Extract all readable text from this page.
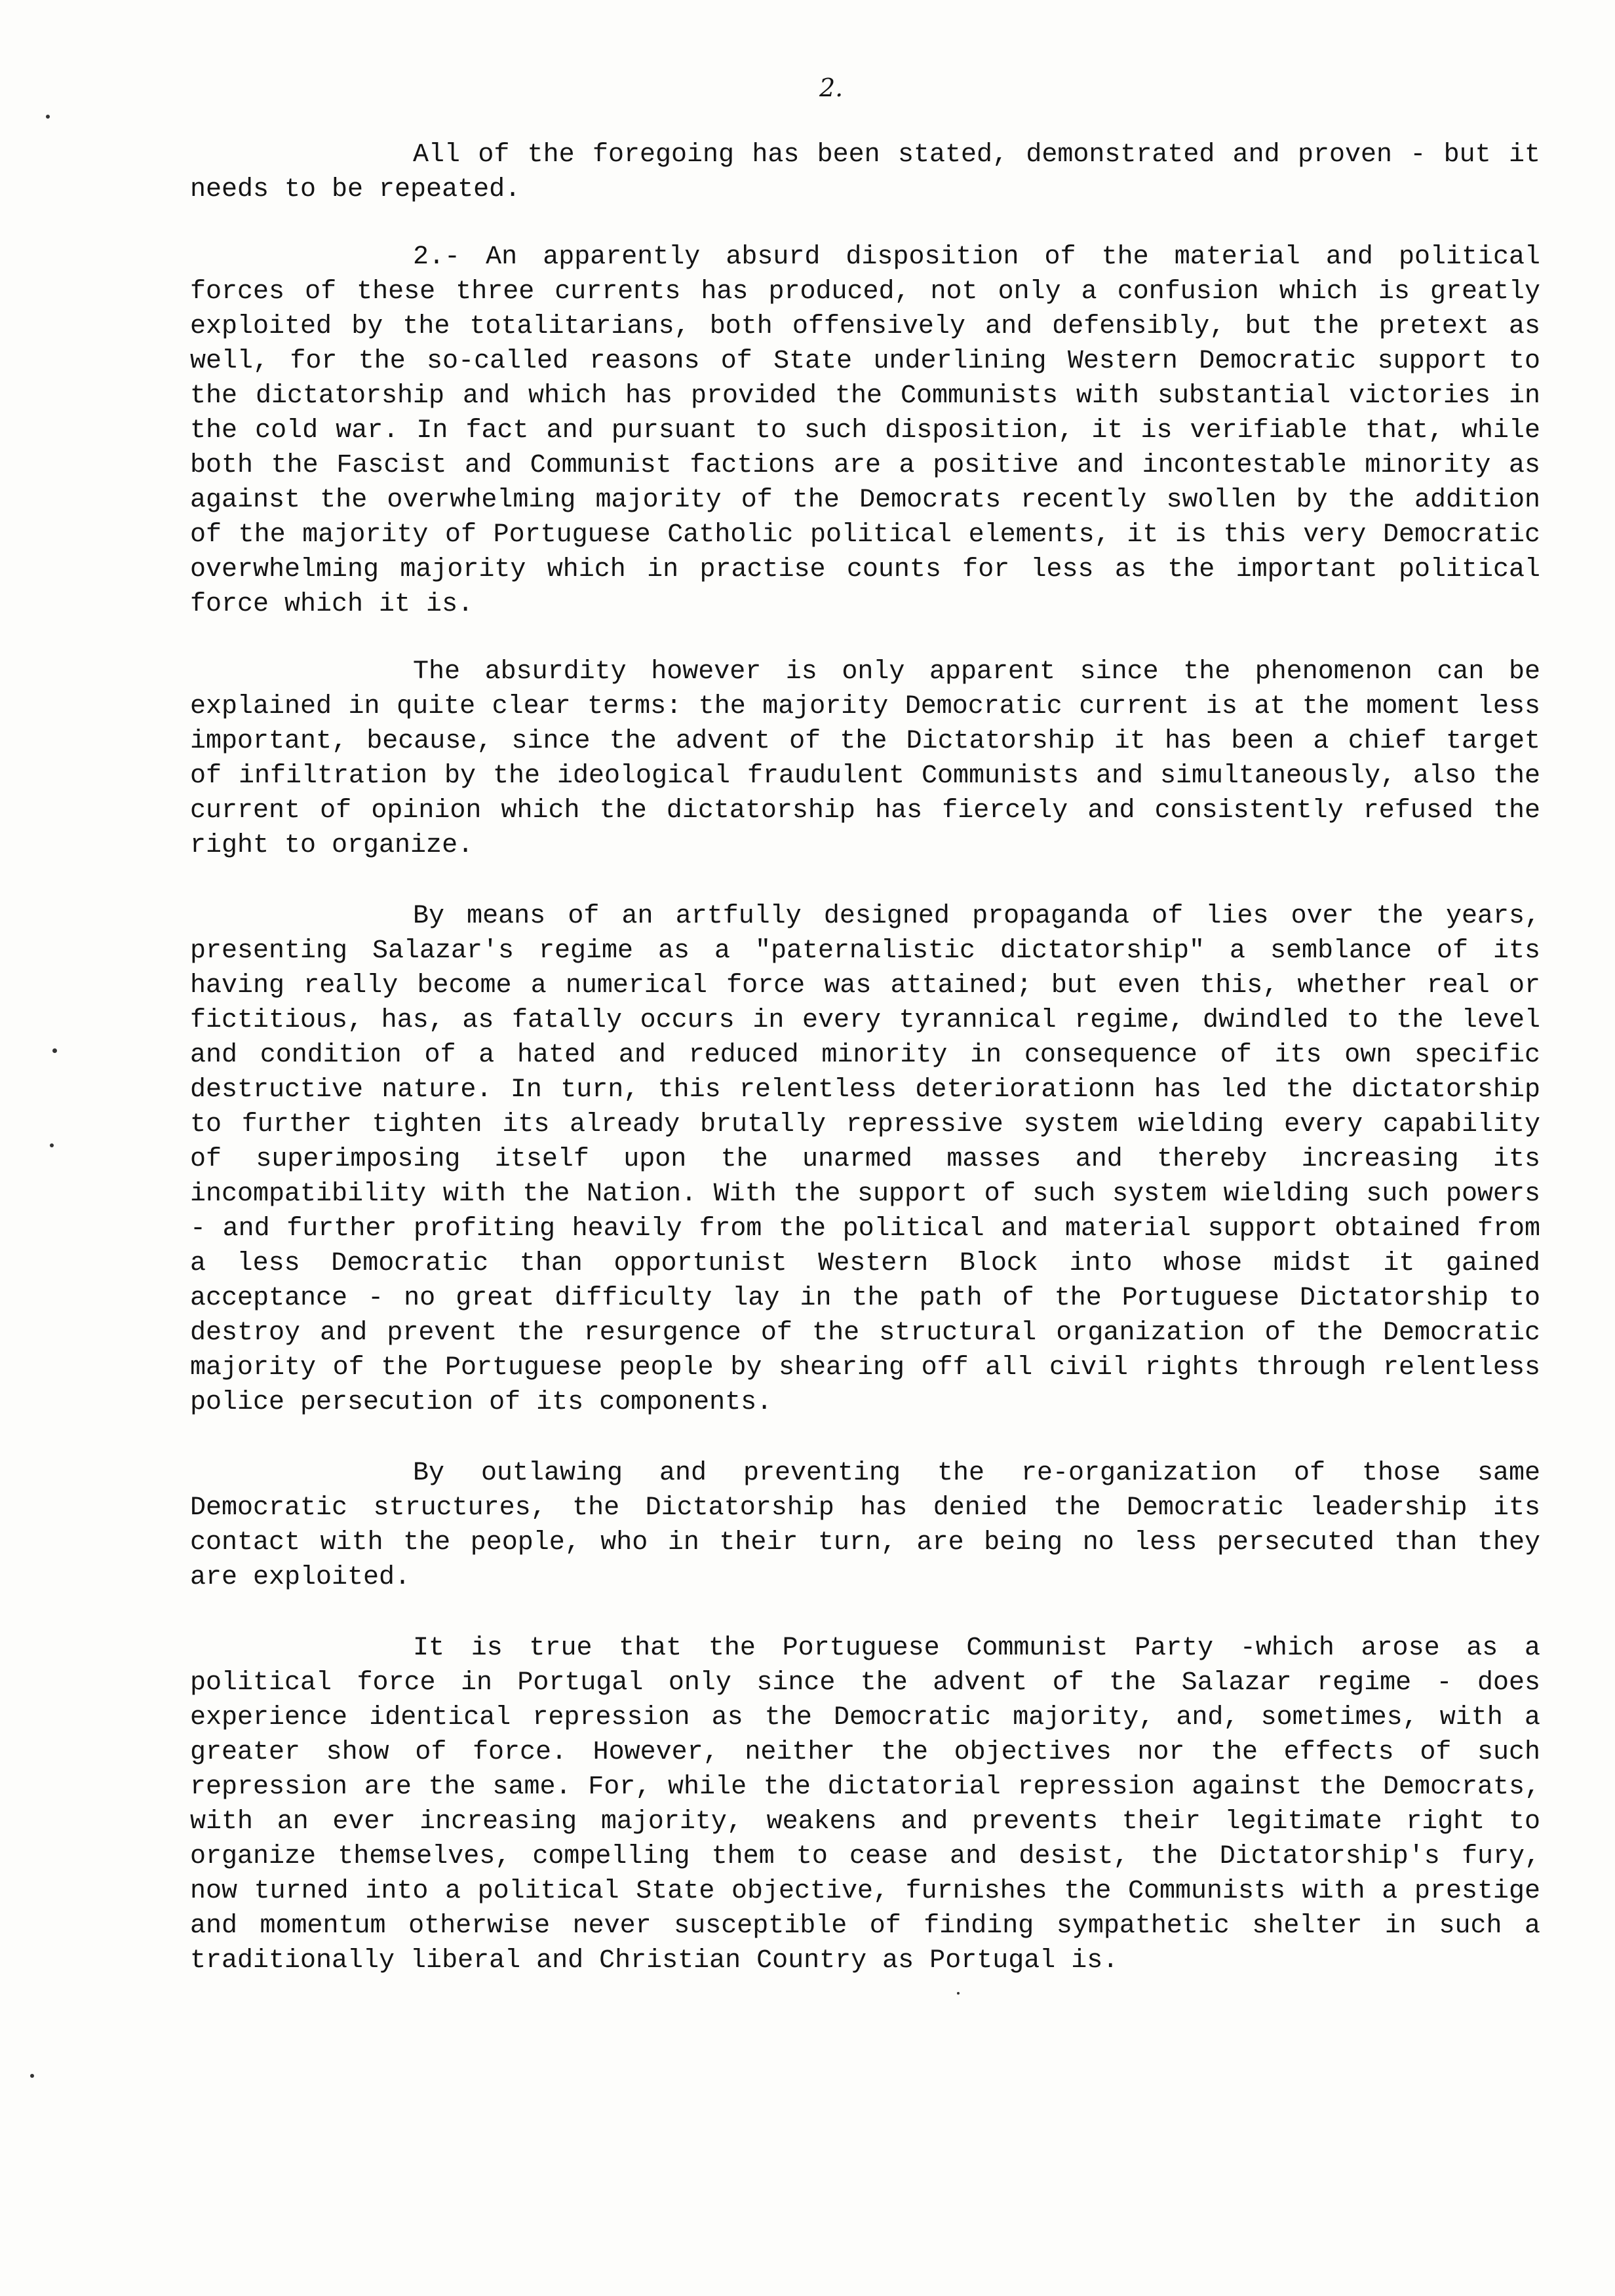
2.

All of the foregoing has been stated, demonstrated and proven - but it needs to be repeated.

2.- An apparently absurd disposition of the material and political forces of these three currents has produced, not only a confusion which is greatly exploited by the totalitarians, both offensively and defensibly, but the pretext as well, for the so-called reasons of State underlining Western Democratic support to the dictatorship and which has provided the Communists with substantial victories in the cold war. In fact and pursuant to such disposition, it is verifiable that, while both the Fascist and Communist factions are a positive and incontestable minority as against the overwhelming majority of the Democrats recently swollen by the addition of the majority of Portuguese Catholic political elements, it is this very Democratic overwhelming majority which in practise counts for less as the important political force which it is.

The absurdity however is only apparent since the phenomenon can be explained in quite clear terms: the majority Democratic current is at the moment less important, because, since the advent of the Dictatorship it has been a chief target of infiltration by the ideological fraudulent Communists and simultaneously, also the current of opinion which the dictatorship has fiercely and consistently refused the right to organize.

By means of an artfully designed propaganda of lies over the years, presenting Salazar's regime as a "paternalistic dictatorship" a semblance of its having really become a numerical force was attained; but even this, whether real or fictitious, has, as fatally occurs in every tyrannical regime, dwindled to the level and condition of a hated and reduced minority in consequence of its own specific destructive nature. In turn, this relentless deteriorationn has led the dictatorship to further tighten its already brutally repressive system wielding every capability of superimposing itself upon the unarmed masses and thereby increasing its incompatibility with the Nation. With the support of such system wielding such powers - and further profiting heavily from the political and material support obtained from a less Democratic than opportunist Western Block into whose midst it gained acceptance - no great difficulty lay in the path of the Portuguese Dictatorship to destroy and prevent the resurgence of the structural organization of the Democratic majority of the Portuguese people by shearing off all civil rights through relentless police persecution of its components.

By outlawing and preventing the re-organization of those same Democratic structures, the Dictatorship has denied the Democratic leadership its contact with the people, who in their turn, are being no less persecuted than they are exploited.

It is true that the Portuguese Communist Party -which arose as a political force in Portugal only since the advent of the Salazar regime - does experience identical repression as the Democratic majority, and, sometimes, with a greater show of force. However, neither the objectives nor the effects of such repression are the same. For, while the dictatorial repression against the Democrats, with an ever increasing majority, weakens and prevents their legitimate right to organize themselves, compelling them to cease and desist, the Dictatorship's fury, now turned into a political State objective, furnishes the Communists with a prestige and momentum otherwise never susceptible of finding sympathetic shelter in such a traditionally liberal and Christian Country as Portugal is.
